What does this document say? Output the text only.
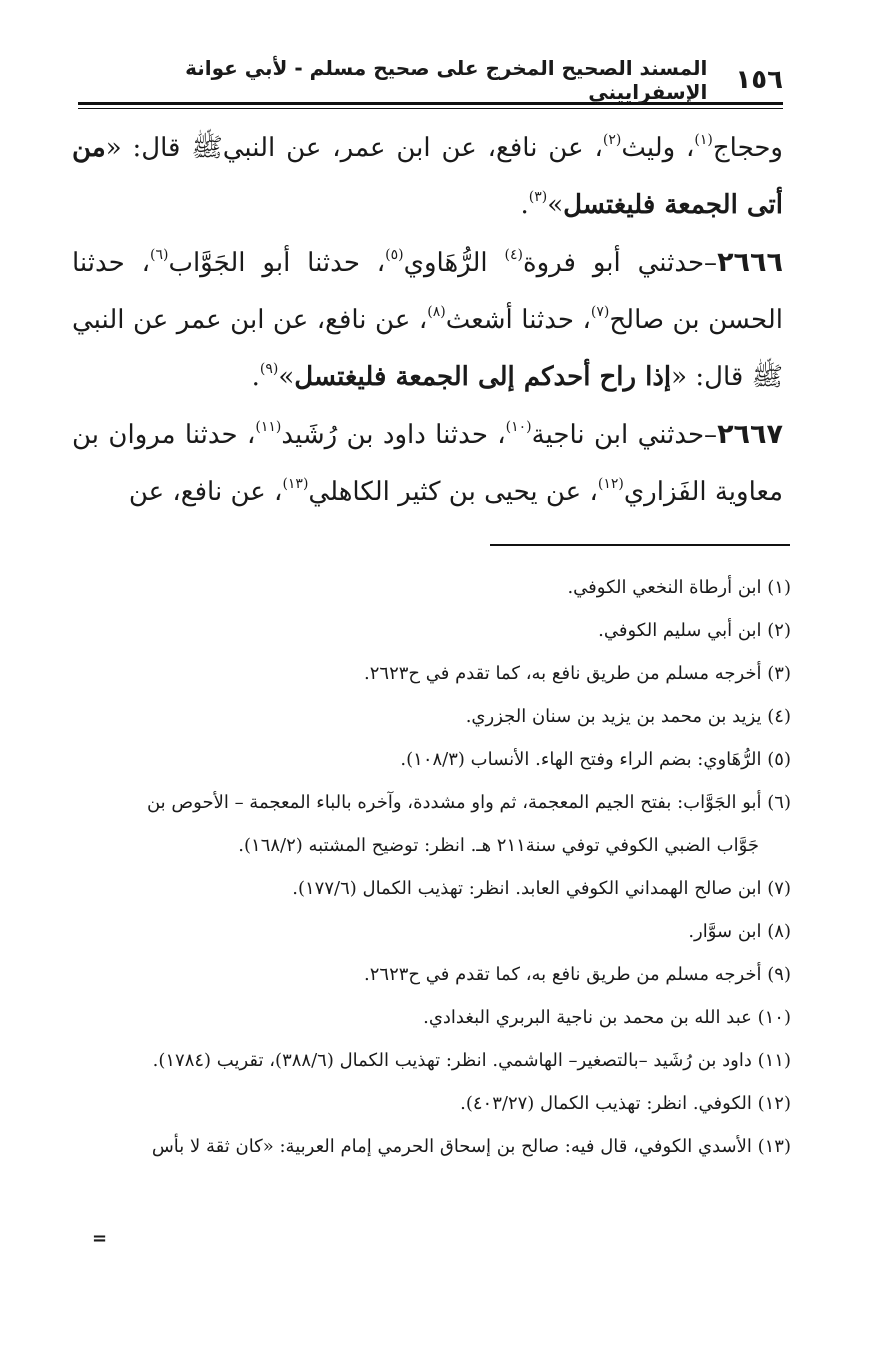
١٥٦
المسند الصحيح المخرج على صحيح مسلم - لأبي عوانة الإسفراييني

وحجاج$^{(١)}$، وليث$^{(٢)}$، عن نافع، عن ابن عمر، عن النبيﷺ قال: «من أتى الجمعة فليغتسل»$^{(٣)}$.

٢٦٦٦–حدثني أبو فروة$^{(٤)}$ الرُّهَاوي$^{(٥)}$، حدثنا أبو الجَوَّاب$^{(٦)}$، حدثنا الحسن بن صالح$^{(٧)}$، حدثنا أشعث$^{(٨)}$، عن نافع، عن ابن عمر عن النبي ﷺ قال: «إذا راح أحدكم إلى الجمعة فليغتسل»$^{(٩)}$.

٢٦٦٧–حدثني ابن ناجية$^{(١٠)}$، حدثنا داود بن رُشَيد$^{(١١)}$، حدثنا مروان بن معاوية الفَزاري$^{(١٢)}$، عن يحيى بن كثير الكاهلي$^{(١٣)}$، عن نافع، عن

(١) ابن أرطاة النخعي الكوفي.

(٢) ابن أبي سليم الكوفي.

(٣) أخرجه مسلم من طريق نافع به، كما تقدم في ح٢٦٢٣.

(٤) يزيد بن محمد بن يزيد بن سنان الجزري.

(٥) الرُّهَاوي: بضم الراء وفتح الهاء. الأنساب (١٠٨/٣).

(٦) أبو الجَوَّاب: بفتح الجيم المعجمة، ثم واو مشددة، وآخره بالباء المعجمة – الأحوص بن

جَوَّاب الضبي الكوفي توفي سنة٢١١ هـ. انظر: توضيح المشتبه (١٦٨/٢).

(٧) ابن صالح الهمداني الكوفي العابد. انظر: تهذيب الكمال (١٧٧/٦).

(٨) ابن سوَّار.

(٩) أخرجه مسلم من طريق نافع به، كما تقدم في ح٢٦٢٣.

(١٠) عبد الله بن محمد بن ناجية البربري البغدادي.

(١١) داود بن رُشَيد –بالتصغير– الهاشمي. انظر: تهذيب الكمال (٣٨٨/٦)، تقريب (١٧٨٤).

(١٢) الكوفي. انظر: تهذيب الكمال (٤٠٣/٢٧).

(١٣) الأسدي الكوفي، قال فيه: صالح بن إسحاق الحرمي إمام العربية: «كان ثقة لا بأس

=
